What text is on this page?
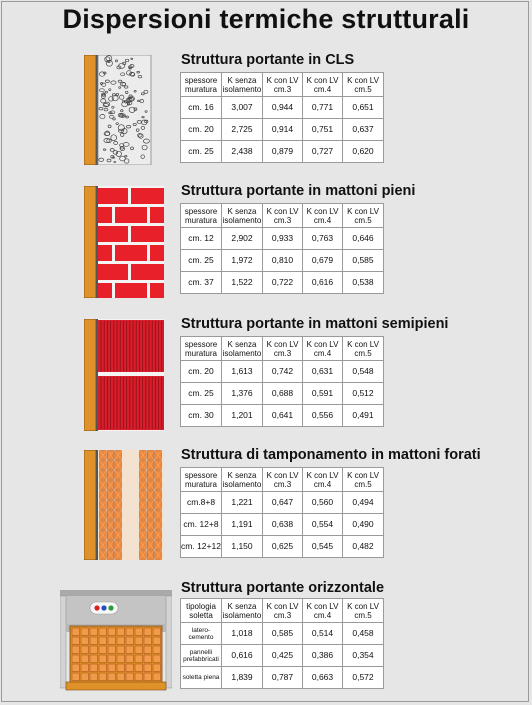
Dispersioni termiche strutturali
Struttura portante in CLS
Struttura portante in mattoni pieni
Struttura portante in mattoni semipieni
Struttura di tamponamento in mattoni forati
Struttura portante orizzontale
spessore muratura	K senza isolamento	K con LV cm.3	K con LV cm.4	K con LV cm.5
cm. 16	3,007	0,944	0,771	0,651
cm. 20	2,725	0,914	0,751	0,637
cm. 25	2,438	0,879	0,727	0,620
spessore muratura	K senza isolamento	K con LV cm.3	K con LV cm.4	K con LV cm.5
cm. 12	2,902	0,933	0,763	0,646
cm. 25	1,972	0,810	0,679	0,585
cm. 37	1,522	0,722	0,616	0,538
spessore muratura	K senza isolamento	K con LV cm.3	K con LV cm.4	K con LV cm.5
cm. 20	1,613	0,742	0,631	0,548
cm. 25	1,376	0,688	0,591	0,512
cm. 30	1,201	0,641	0,556	0,491
spessore muratura	K senza isolamento	K con LV cm.3	K con LV cm.4	K con LV cm.5
cm.8+8	1,221	0,647	0,560	0,494
cm. 12+8	1,191	0,638	0,554	0,490
cm. 12+12	1,150	0,625	0,545	0,482
tipologia soletta	K senza isolamento	K con LV cm.3	K con LV cm.4	K con LV cm.5
latero-cemento	1,018	0,585	0,514	0,458
pannelli prefabbricati	0,616	0,425	0,386	0,354
soletta piena	1,839	0,787	0,663	0,572
